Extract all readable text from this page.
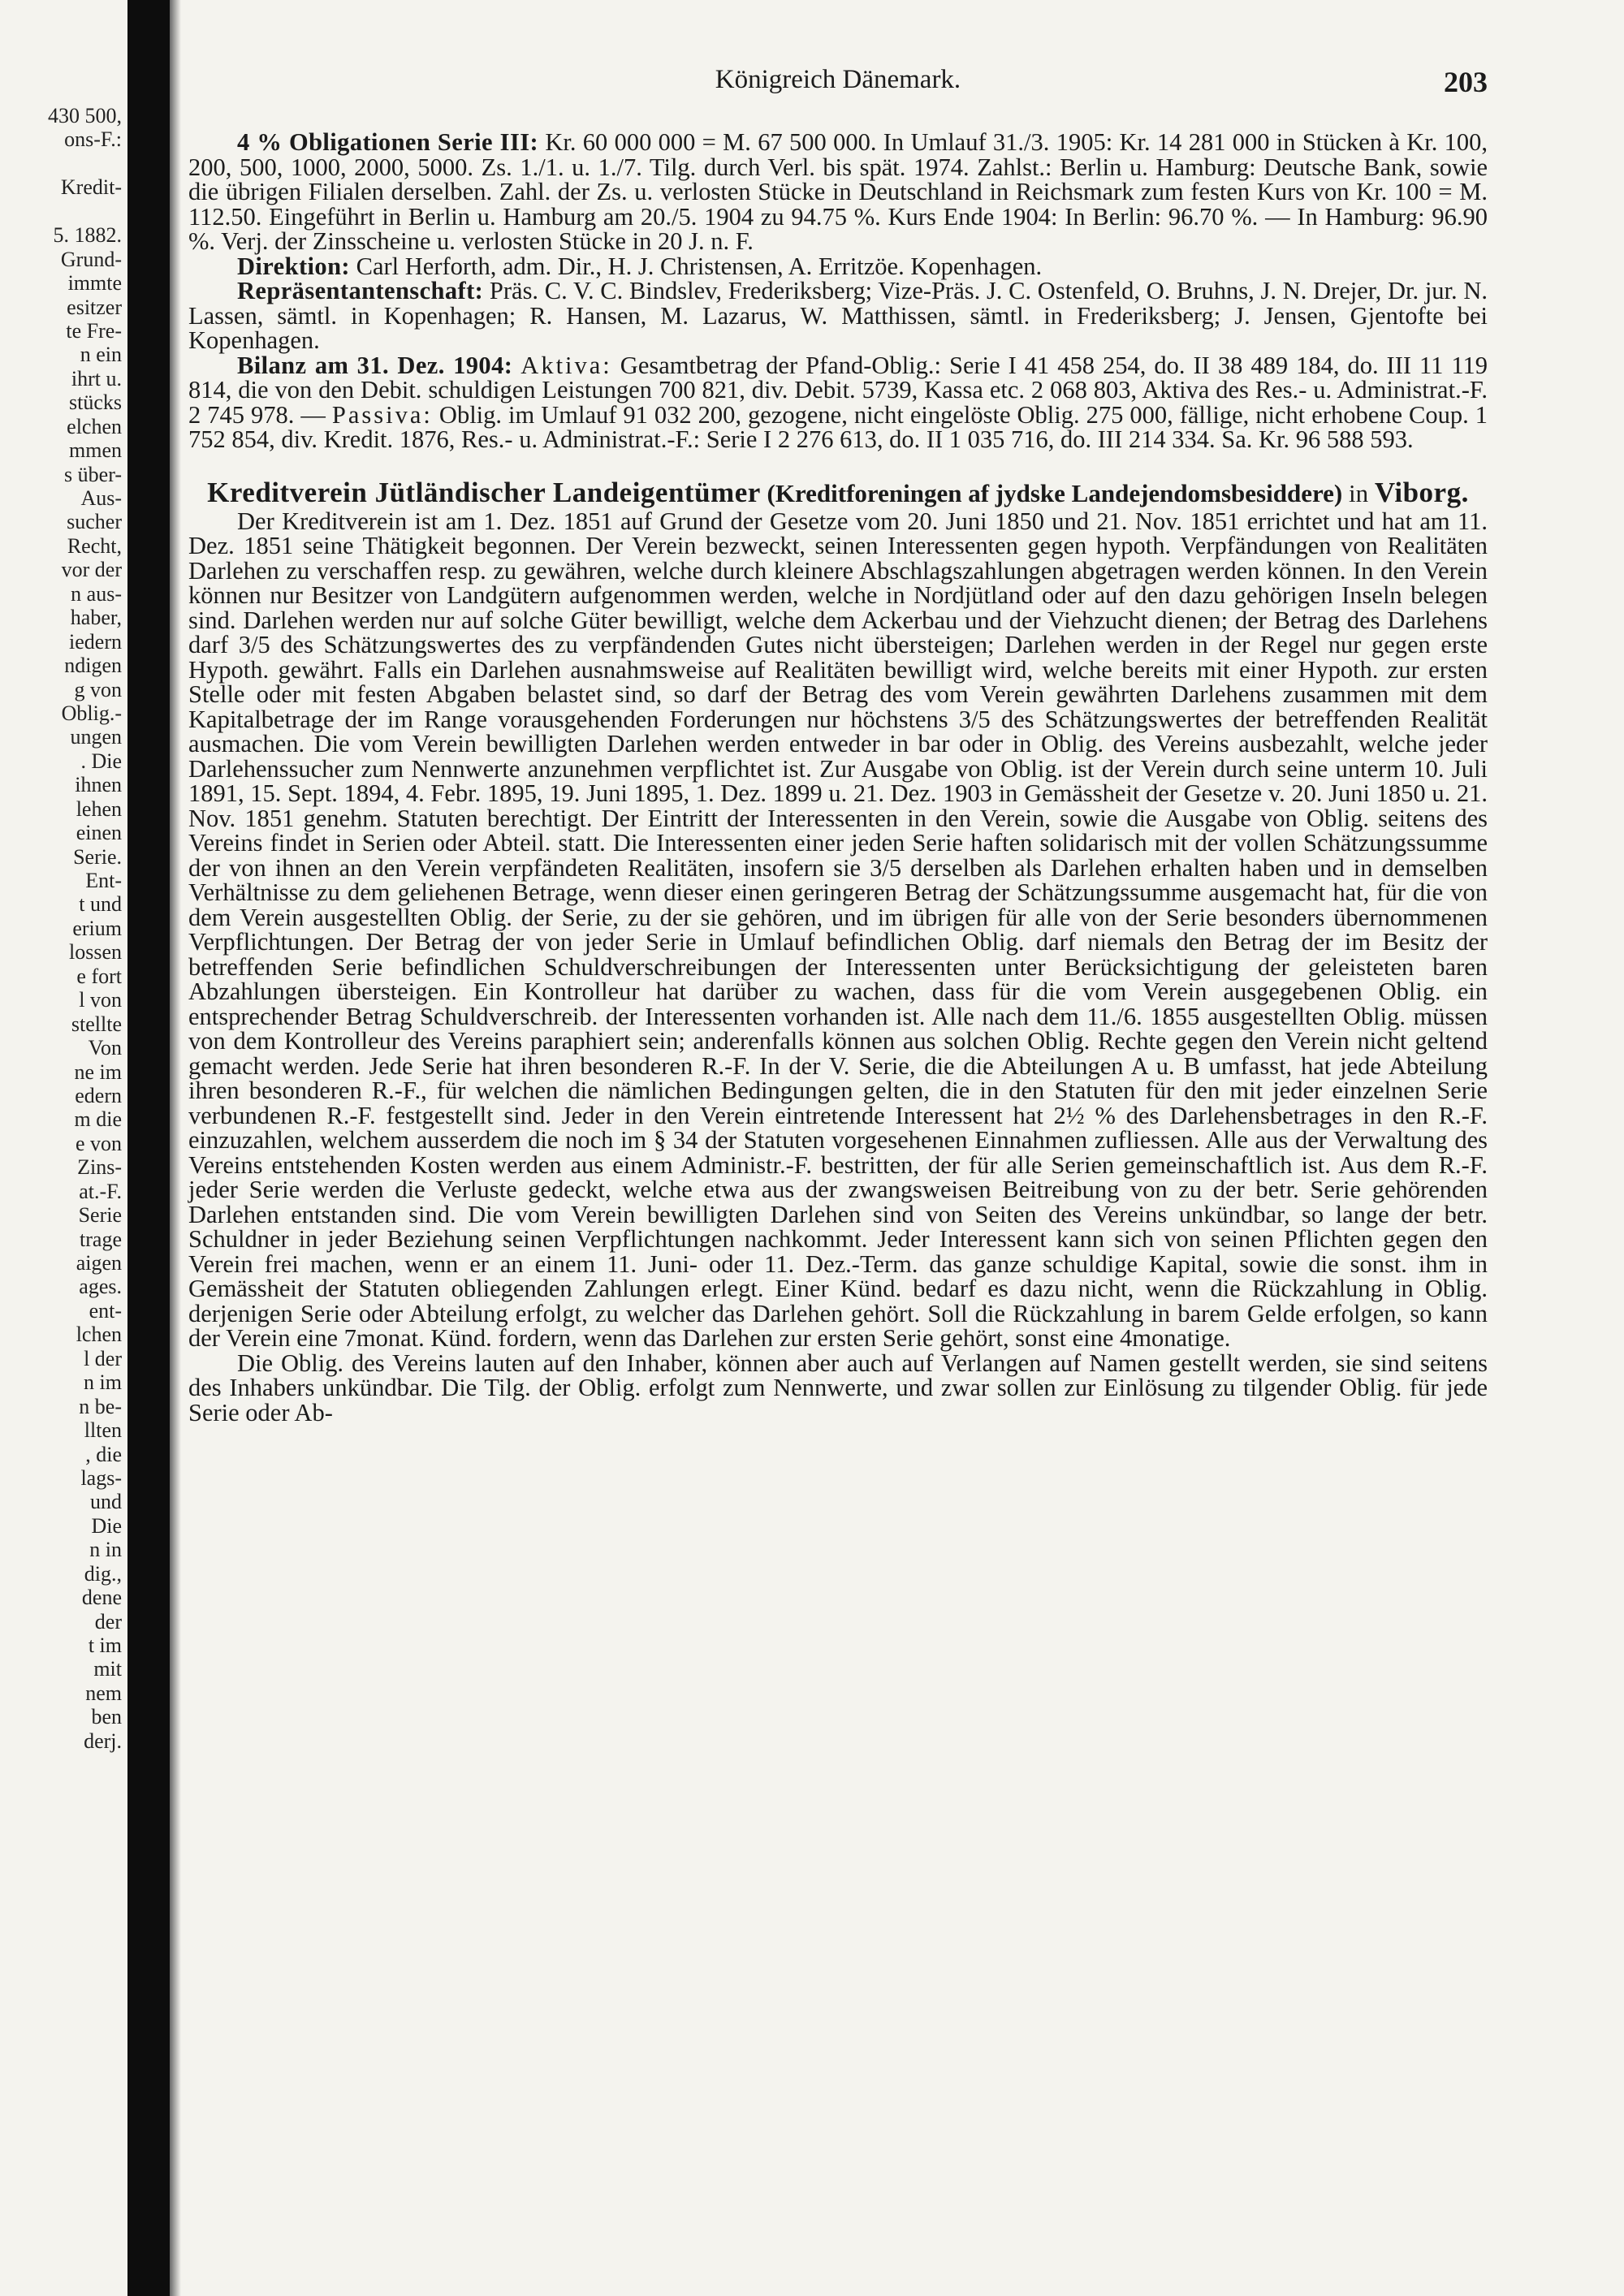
430 500,
ons-F.:
Kredit-
5. 1882.
Grund-
immte
esitzer
te Fre-
n ein
ihrt u.
stücks
elchen
mmen
s über-
Aus-
sucher
Recht,
vor der
n aus-
haber,
iedern
ndigen
g von
Oblig.-
ungen
. Die
ihnen
lehen
einen
Serie.
Ent-
t und
erium
lossen
e fort
l von
stellte
Von
ne im
edern
m die
e von
Zins-
at.-F.
Serie
trage
aigen
ages.
ent-
lchen
l der
n im
n be-
llten
, die
lags-
und
Die
n in
dig.,
dene
der
t im
mit
nem
ben
derj.
Königreich Dänemark.	203

4 % Obligationen Serie III: Kr. 60 000 000 = M. 67 500 000. In Umlauf 31./3. 1905: Kr. 14 281 000 in Stücken à Kr. 100, 200, 500, 1000, 2000, 5000. Zs. 1./1. u. 1./7. Tilg. durch Verl. bis spät. 1974. Zahlst.: Berlin u. Hamburg: Deutsche Bank, sowie die übrigen Filialen derselben. Zahl. der Zs. u. verlosten Stücke in Deutschland in Reichsmark zum festen Kurs von Kr. 100 = M. 112.50. Eingeführt in Berlin u. Hamburg am 20./5. 1904 zu 94.75 %. Kurs Ende 1904: In Berlin: 96.70 %. — In Hamburg: 96.90 %. Verj. der Zinsscheine u. verlosten Stücke in 20 J. n. F.

Direktion: Carl Herforth, adm. Dir., H. J. Christensen, A. Erritzöe. Kopenhagen.

Repräsentantenschaft: Präs. C. V. C. Bindslev, Frederiksberg; Vize-Präs. J. C. Ostenfeld, O. Bruhns, J. N. Drejer, Dr. jur. N. Lassen, sämtl. in Kopenhagen; R. Hansen, M. Lazarus, W. Matthissen, sämtl. in Frederiksberg; J. Jensen, Gjentofte bei Kopenhagen.

Bilanz am 31. Dez. 1904: Aktiva: Gesamtbetrag der Pfand-Oblig.: Serie I 41 458 254, do. II 38 489 184, do. III 11 119 814, die von den Debit. schuldigen Leistungen 700 821, div. Debit. 5739, Kassa etc. 2 068 803, Aktiva des Res.- u. Administrat.-F. 2 745 978. — Passiva: Oblig. im Umlauf 91 032 200, gezogene, nicht eingelöste Oblig. 275 000, fällige, nicht erhobene Coup. 1 752 854, div. Kredit. 1876, Res.- u. Administrat.-F.: Serie I 2 276 613, do. II 1 035 716, do. III 214 334. Sa. Kr. 96 588 593.

Kreditverein Jütländischer Landeigentümer (Kreditforeningen af jydske Landejendomsbesiddere) in Viborg.

Der Kreditverein ist am 1. Dez. 1851 auf Grund der Gesetze vom 20. Juni 1850 und 21. Nov. 1851 errichtet und hat am 11. Dez. 1851 seine Thätigkeit begonnen. Der Verein bezweckt, seinen Interessenten gegen hypoth. Verpfändungen von Realitäten Darlehen zu verschaffen resp. zu gewähren, welche durch kleinere Abschlagszahlungen abgetragen werden können. In den Verein können nur Besitzer von Landgütern aufgenommen werden, welche in Nordjütland oder auf den dazu gehörigen Inseln belegen sind. Darlehen werden nur auf solche Güter bewilligt, welche dem Ackerbau und der Viehzucht dienen; der Betrag des Darlehens darf 3/5 des Schätzungswertes des zu verpfändenden Gutes nicht übersteigen; Darlehen werden in der Regel nur gegen erste Hypoth. gewährt. Falls ein Darlehen ausnahmsweise auf Realitäten bewilligt wird, welche bereits mit einer Hypoth. zur ersten Stelle oder mit festen Abgaben belastet sind, so darf der Betrag des vom Verein gewährten Darlehens zusammen mit dem Kapitalbetrage der im Range vorausgehenden Forderungen nur höchstens 3/5 des Schätzungswertes der betreffenden Realität ausmachen. Die vom Verein bewilligten Darlehen werden entweder in bar oder in Oblig. des Vereins ausbezahlt, welche jeder Darlehenssucher zum Nennwerte anzunehmen verpflichtet ist. Zur Ausgabe von Oblig. ist der Verein durch seine unterm 10. Juli 1891, 15. Sept. 1894, 4. Febr. 1895, 19. Juni 1895, 1. Dez. 1899 u. 21. Dez. 1903 in Gemässheit der Gesetze v. 20. Juni 1850 u. 21. Nov. 1851 genehm. Statuten berechtigt. Der Eintritt der Interessenten in den Verein, sowie die Ausgabe von Oblig. seitens des Vereins findet in Serien oder Abteil. statt. Die Interessenten einer jeden Serie haften solidarisch mit der vollen Schätzungssumme der von ihnen an den Verein verpfändeten Realitäten, insofern sie 3/5 derselben als Darlehen erhalten haben und in demselben Verhältnisse zu dem geliehenen Betrage, wenn dieser einen geringeren Betrag der Schätzungssumme ausgemacht hat, für die von dem Verein ausgestellten Oblig. der Serie, zu der sie gehören, und im übrigen für alle von der Serie besonders übernommenen Verpflichtungen. Der Betrag der von jeder Serie in Umlauf befindlichen Oblig. darf niemals den Betrag der im Besitz der betreffenden Serie befindlichen Schuldverschreibungen der Interessenten unter Berücksichtigung der geleisteten baren Abzahlungen übersteigen. Ein Kontrolleur hat darüber zu wachen, dass für die vom Verein ausgegebenen Oblig. ein entsprechender Betrag Schuldverschreib. der Interessenten vorhanden ist. Alle nach dem 11./6. 1855 ausgestellten Oblig. müssen von dem Kontrolleur des Vereins paraphiert sein; anderenfalls können aus solchen Oblig. Rechte gegen den Verein nicht geltend gemacht werden. Jede Serie hat ihren besonderen R.-F. In der V. Serie, die die Abteilungen A u. B umfasst, hat jede Abteilung ihren besonderen R.-F., für welchen die nämlichen Bedingungen gelten, die in den Statuten für den mit jeder einzelnen Serie verbundenen R.-F. festgestellt sind. Jeder in den Verein eintretende Interessent hat 2½ % des Darlehensbetrages in den R.-F. einzuzahlen, welchem ausserdem die noch im § 34 der Statuten vorgesehenen Einnahmen zufliessen. Alle aus der Verwaltung des Vereins entstehenden Kosten werden aus einem Administr.-F. bestritten, der für alle Serien gemeinschaftlich ist. Aus dem R.-F. jeder Serie werden die Verluste gedeckt, welche etwa aus der zwangsweisen Beitreibung von zu der betr. Serie gehörenden Darlehen entstanden sind. Die vom Verein bewilligten Darlehen sind von Seiten des Vereins unkündbar, so lange der betr. Schuldner in jeder Beziehung seinen Verpflichtungen nachkommt. Jeder Interessent kann sich von seinen Pflichten gegen den Verein frei machen, wenn er an einem 11. Juni- oder 11. Dez.-Term. das ganze schuldige Kapital, sowie die sonst. ihm in Gemässheit der Statuten obliegenden Zahlungen erlegt. Einer Künd. bedarf es dazu nicht, wenn die Rückzahlung in Oblig. derjenigen Serie oder Abteilung erfolgt, zu welcher das Darlehen gehört. Soll die Rückzahlung in barem Gelde erfolgen, so kann der Verein eine 7monat. Künd. fordern, wenn das Darlehen zur ersten Serie gehört, sonst eine 4monatige.

Die Oblig. des Vereins lauten auf den Inhaber, können aber auch auf Verlangen auf Namen gestellt werden, sie sind seitens des Inhabers unkündbar. Die Tilg. der Oblig. erfolgt zum Nennwerte, und zwar sollen zur Einlösung zu tilgender Oblig. für jede Serie oder Ab-
